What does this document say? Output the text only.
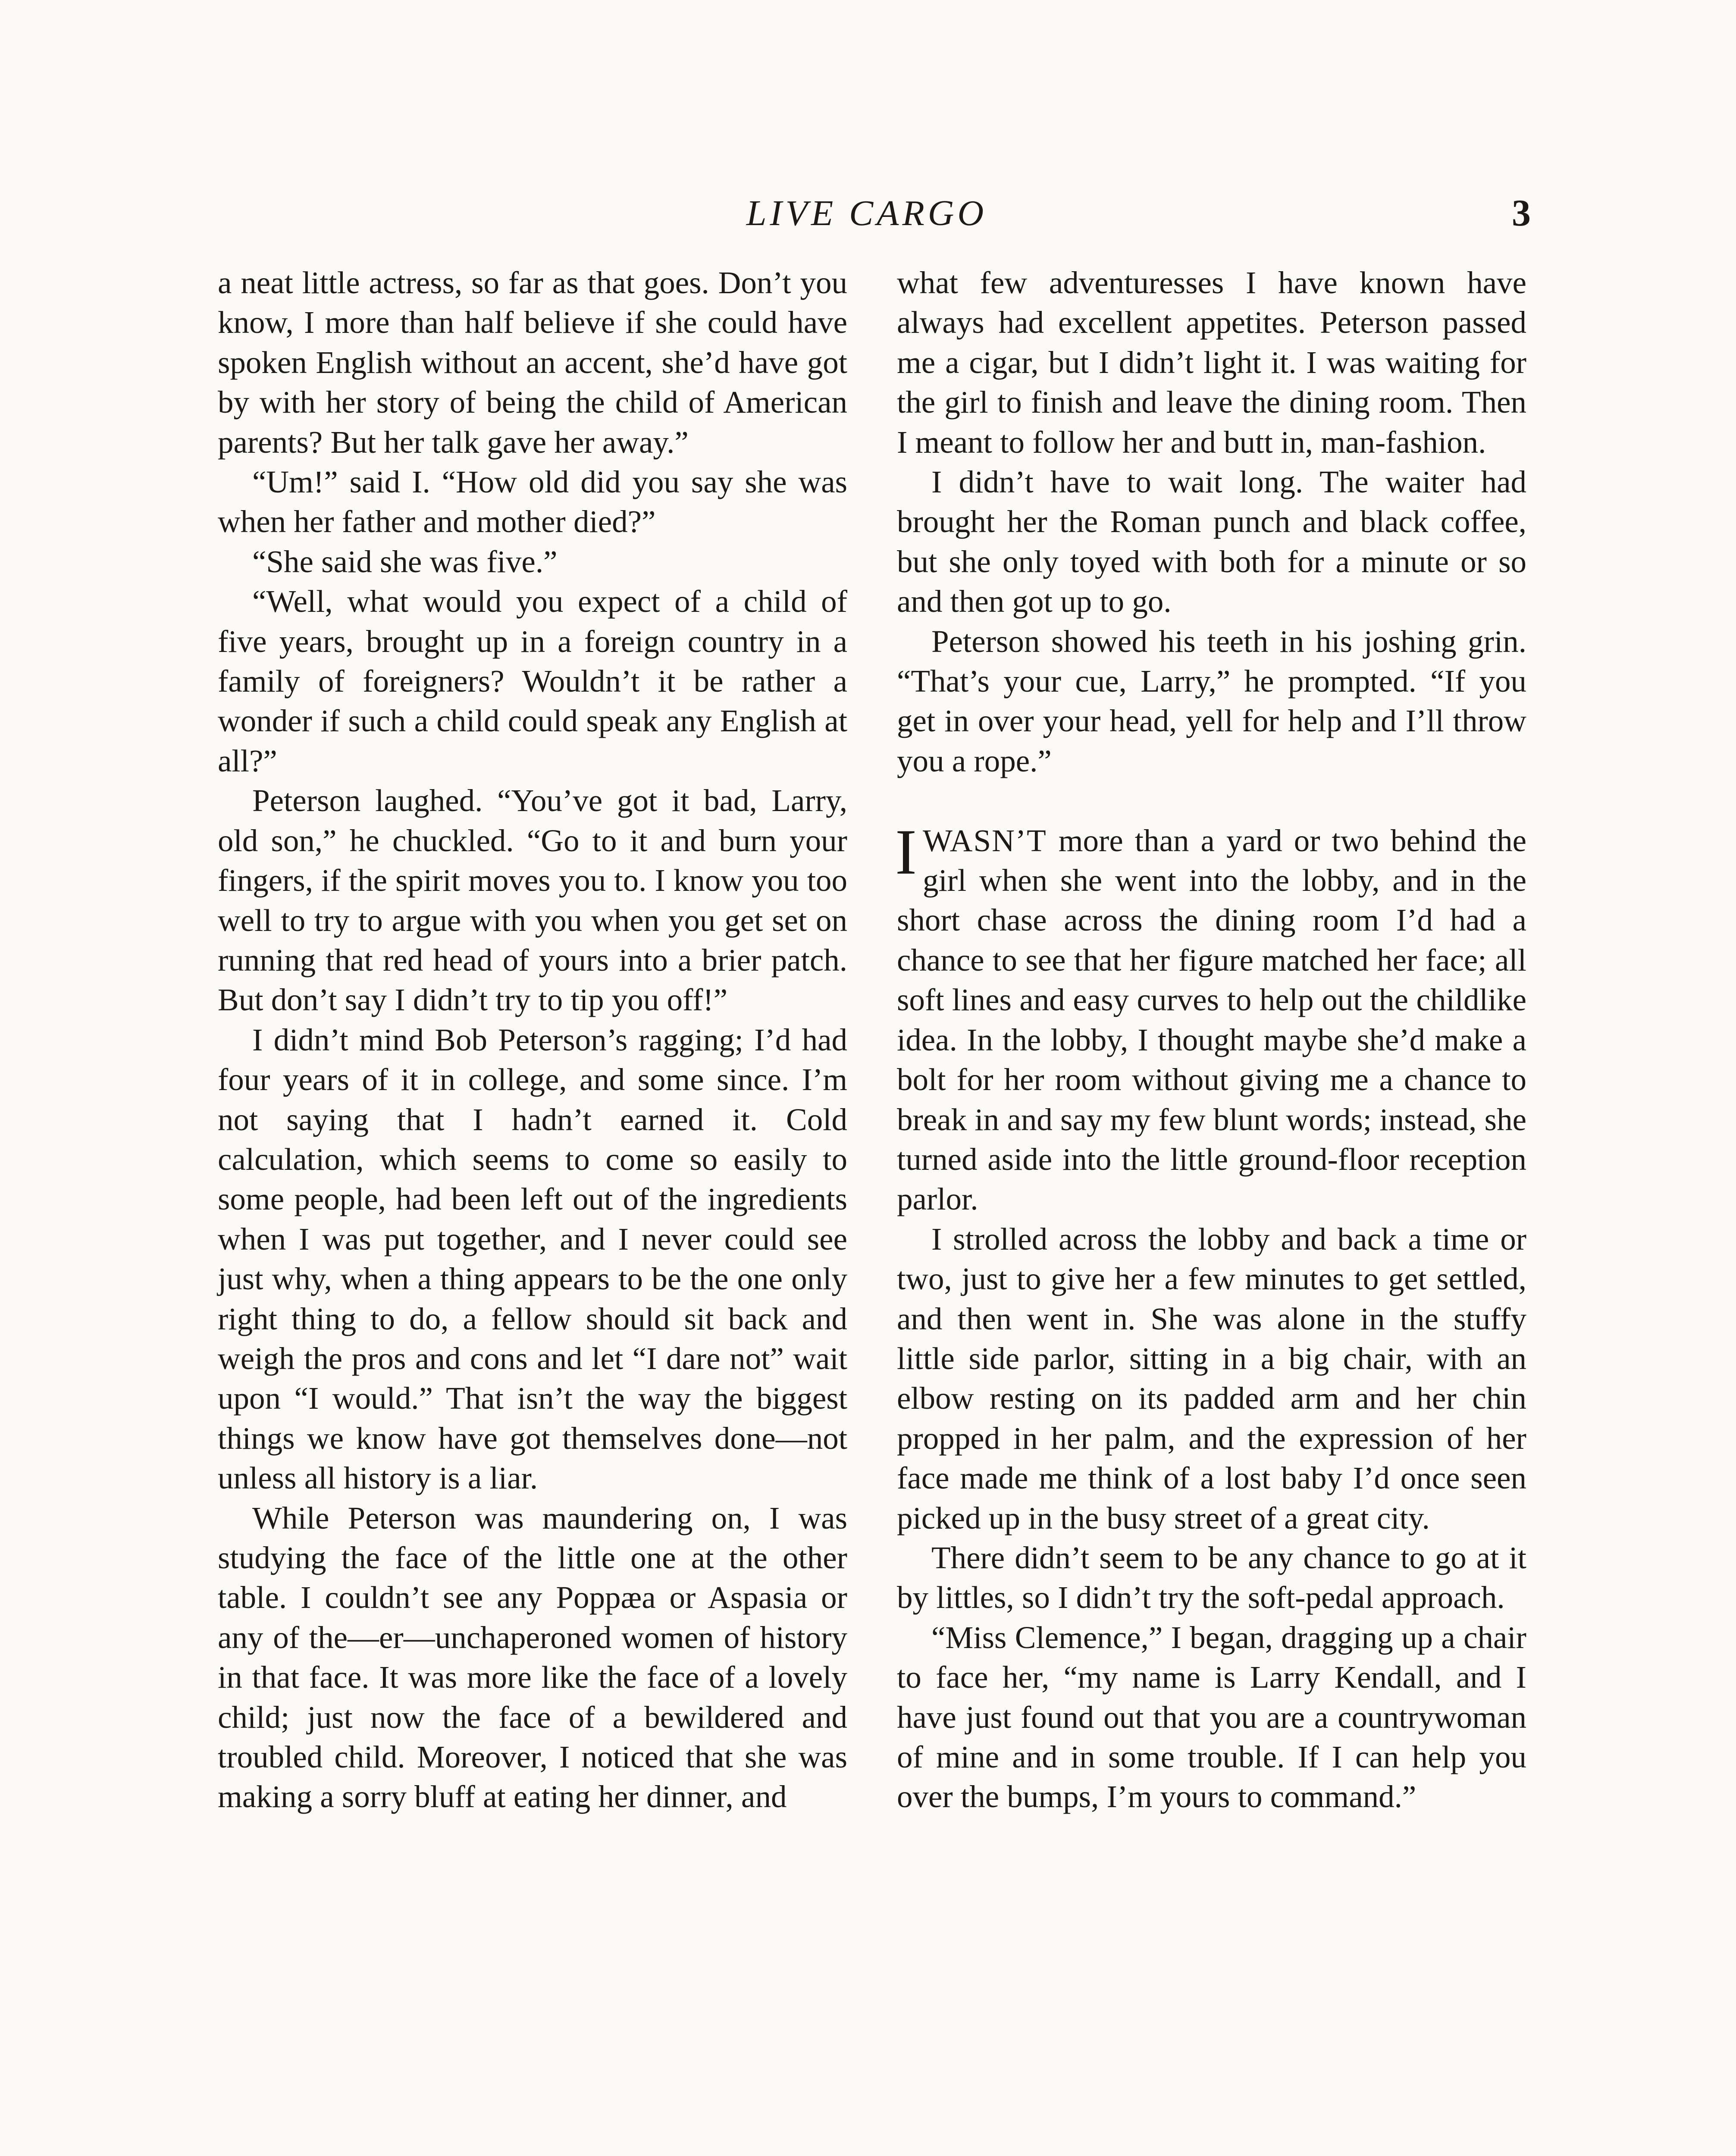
LIVE CARGO	3

a neat little actress, so far as that goes. Don’t you know, I more than half believe if she could have spoken English without an accent, she’d have got by with her story of being the child of American parents? But her talk gave her away.”

“Um!” said I. “How old did you say she was when her father and mother died?”

“She said she was five.”

“Well, what would you expect of a child of five years, brought up in a foreign country in a family of foreigners? Wouldn’t it be rather a wonder if such a child could speak any English at all?”

Peterson laughed. “You’ve got it bad, Larry, old son,” he chuckled. “Go to it and burn your fingers, if the spirit moves you to. I know you too well to try to argue with you when you get set on running that red head of yours into a brier patch. But don’t say I didn’t try to tip you off!”

I didn’t mind Bob Peterson’s ragging; I’d had four years of it in college, and some since. I’m not saying that I hadn’t earned it. Cold calculation, which seems to come so easily to some people, had been left out of the ingredients when I was put together, and I never could see just why, when a thing appears to be the one only right thing to do, a fellow should sit back and weigh the pros and cons and let “I dare not” wait upon “I would.” That isn’t the way the biggest things we know have got themselves done—not unless all history is a liar.

While Peterson was maundering on, I was studying the face of the little one at the other table. I couldn’t see any Poppæa or Aspasia or any of the—er—unchaperoned women of history in that face. It was more like the face of a lovely child; just now the face of a bewildered and troubled child. Moreover, I noticed that she was making a sorry bluff at eating her dinner, and

what few adventuresses I have known have always had excellent appetites. Peterson passed me a cigar, but I didn’t light it. I was waiting for the girl to finish and leave the dining room. Then I meant to follow her and butt in, man-fashion.

I didn’t have to wait long. The waiter had brought her the Roman punch and black coffee, but she only toyed with both for a minute or so and then got up to go.

Peterson showed his teeth in his joshing grin. “That’s your cue, Larry,” he prompted. “If you get in over your head, yell for help and I’ll throw you a rope.”

IWASN’T more than a yard or two behind the girl when she went into the lobby, and in the short chase across the dining room I’d had a chance to see that her figure matched her face; all soft lines and easy curves to help out the childlike idea. In the lobby, I thought maybe she’d make a bolt for her room without giving me a chance to break in and say my few blunt words; instead, she turned aside into the little ground-floor reception parlor.

I strolled across the lobby and back a time or two, just to give her a few minutes to get settled, and then went in. She was alone in the stuffy little side parlor, sitting in a big chair, with an elbow resting on its padded arm and her chin propped in her palm, and the expression of her face made me think of a lost baby I’d once seen picked up in the busy street of a great city.

There didn’t seem to be any chance to go at it by littles, so I didn’t try the soft-pedal approach.

“Miss Clemence,” I began, dragging up a chair to face her, “my name is Larry Kendall, and I have just found out that you are a countrywoman of mine and in some trouble. If I can help you over the bumps, I’m yours to command.”
